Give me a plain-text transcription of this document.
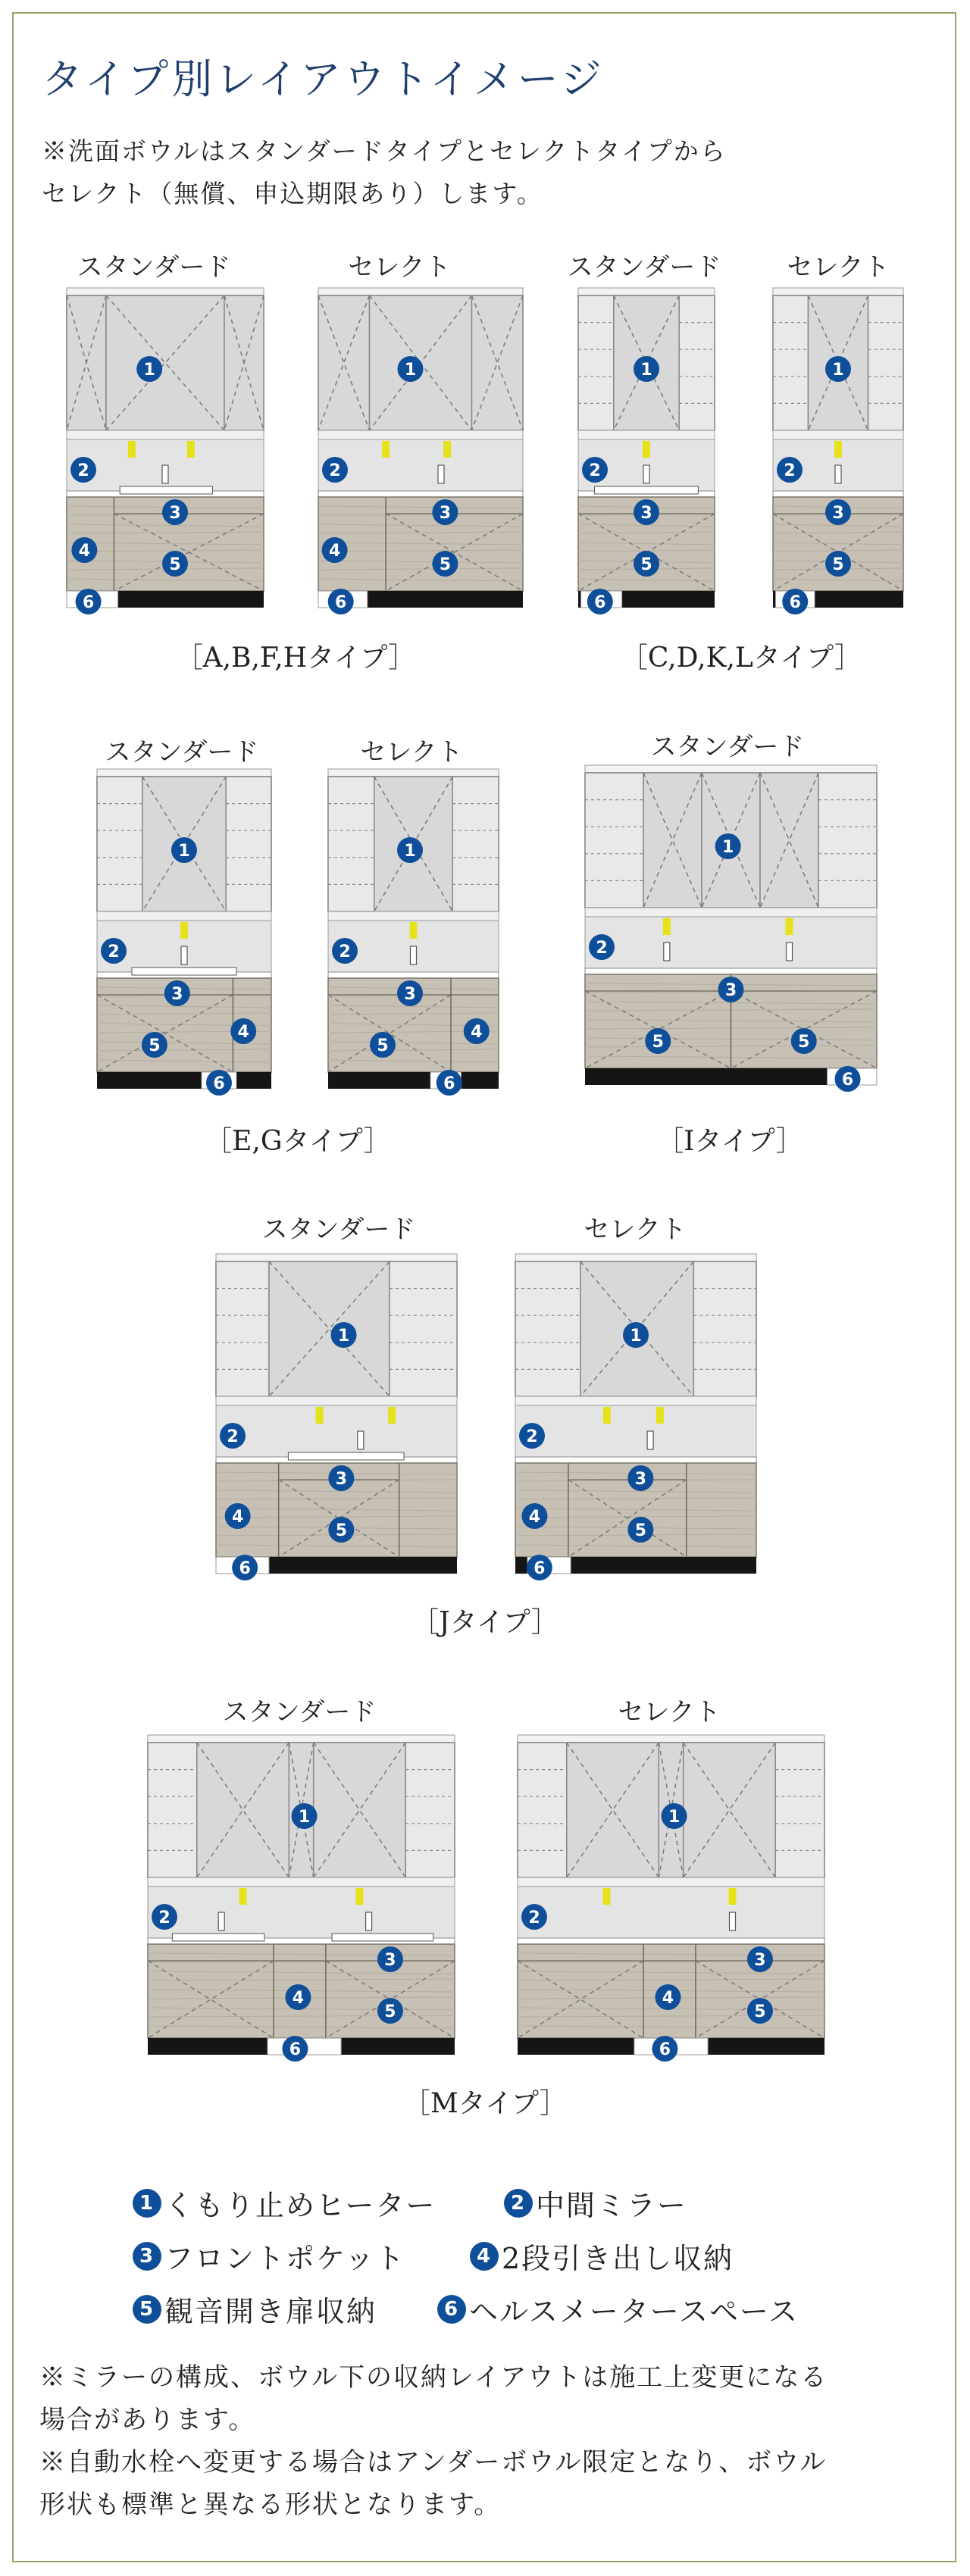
タイプ別レイアウトイメージ
※洗面ボウルはスタンダードタイプとセレクトタイプから
セレクト（無償、申込期限あり）します。
スタンダード	セレクト	スタンダード	セレクト
1
2
3
4
5
6
1
2
3
4
5
6
1
2
3
5
6
1
2
3
5
6
［A,B,F,Hタイプ］	［C,D,K,Lタイプ］
スタンダード	セレクト	スタンダード
1
2
3
4
5
6
1
2
3
4
5
6
1
2
3
5	5
6
［E,Gタイプ］	［Iタイプ］
スタンダード	セレクト
1
2
3
4
5
6
1
2
3
4
5
6
［Jタイプ］
スタンダード	セレクト
1
2
3
4
5
6
1
2
3
4
5
6
［Mタイプ］
1 くもり止めヒーター	2 中間ミラー
3 フロントポケット	4 2段引き出し収納
5 観音開き扉収納	6 ヘルスメータースペース
※ミラーの構成、ボウル下の収納レイアウトは施工上変更になる
場合があります。
※自動水栓へ変更する場合はアンダーボウル限定となり、ボウル
形状も標準と異なる形状となります。
